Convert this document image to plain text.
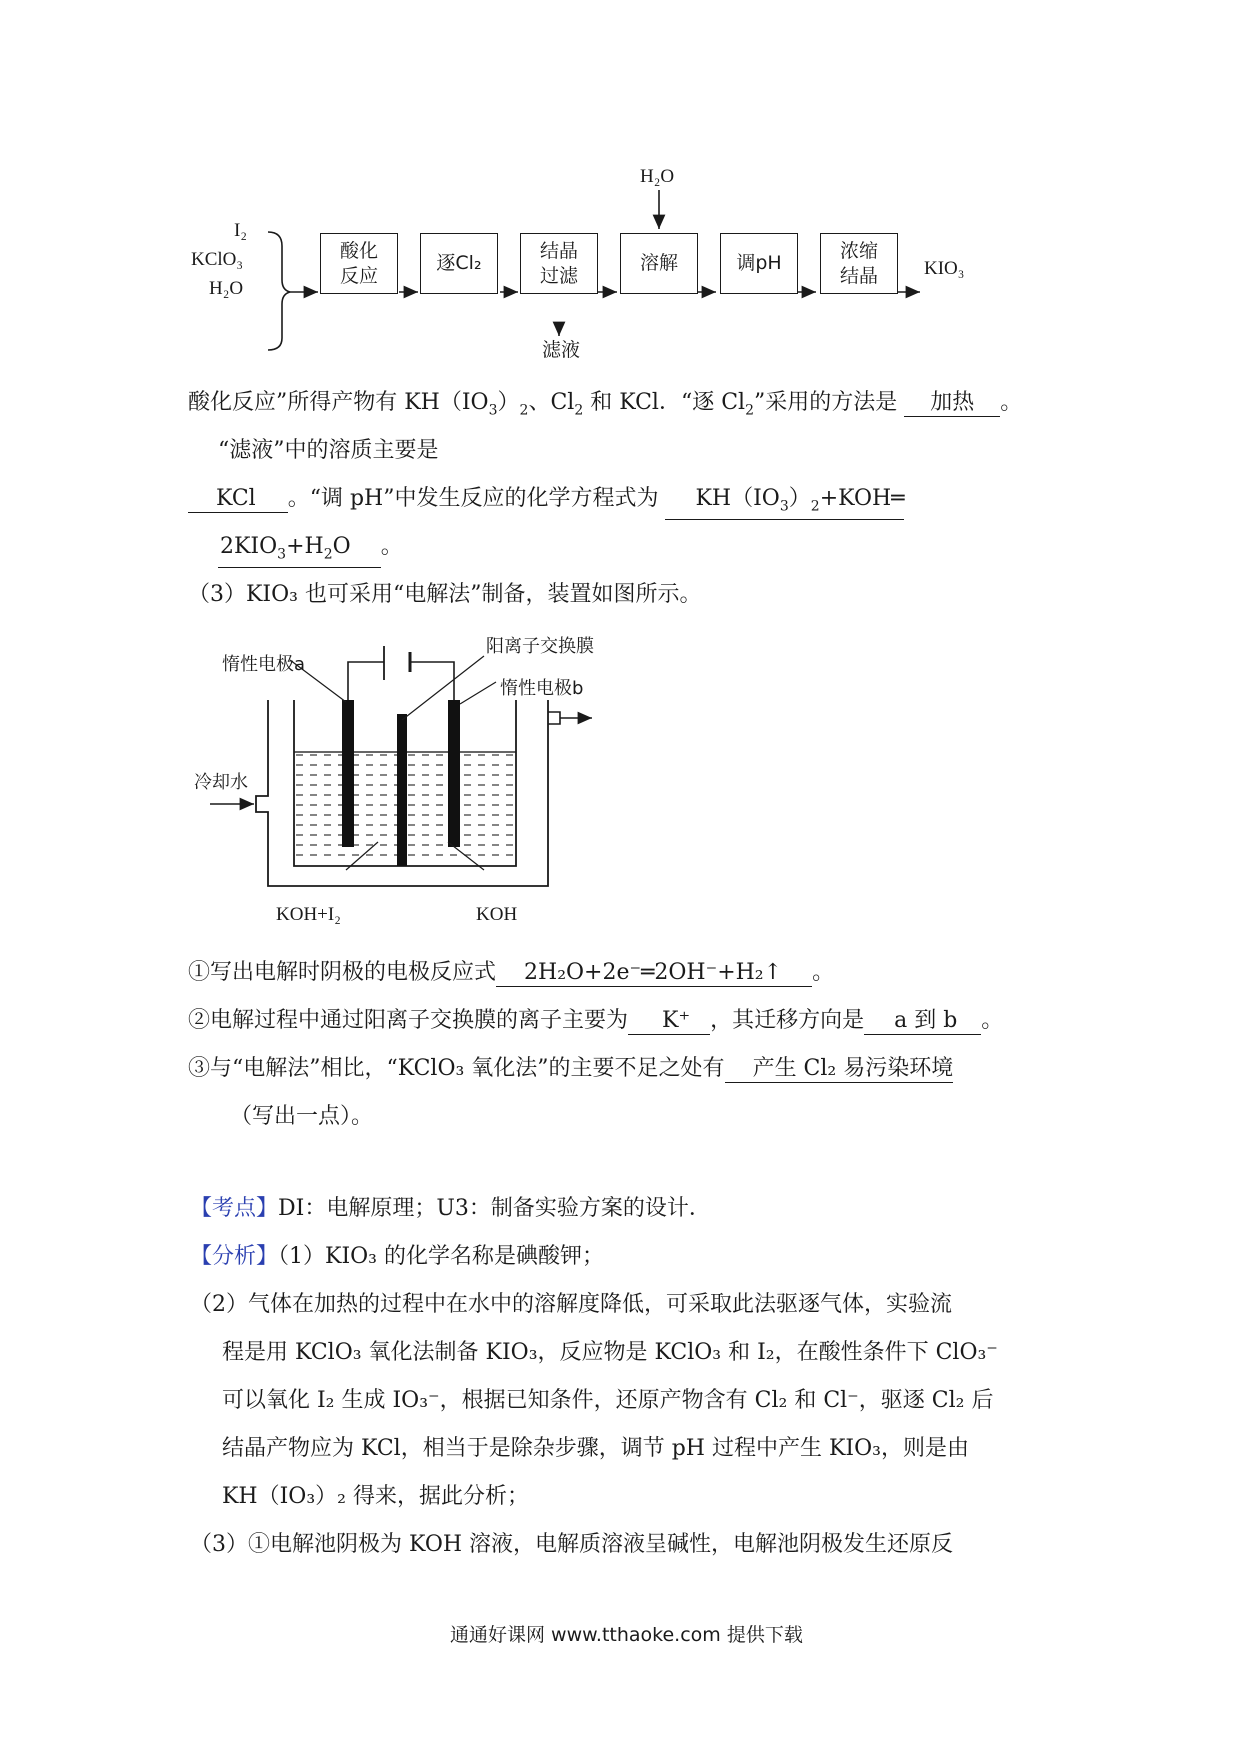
I₂
KClO₃
H₂O
酸化
反应
逐Cl₂
结晶
过滤
溶解	调pH
浓缩
结晶
H₂O
滤液
KIO₃
酸化反应”所得产物有 $KH(IO_3)_2$、$Cl_2$ 和 KCl．“逐 $Cl_2$”采用的方法是 加热 。
“滤液”中的溶质主要是
KCl 。“调 pH”中发生反应的化学方程式为 $KH(IO_3)_2+KOH═$
$2KIO_3+H_2O$ 。
（3）KIO₃ 也可采用“电解法”制备，装置如图所示。
惰性电极a
阳离子交换膜
惰性电极b
冷却水
KOH+I₂	KOH
①写出电解时阴极的电极反应式 2H₂O+2e⁻═2OH⁻+H₂↑ 。
②电解过程中通过阳离子交换膜的离子主要为 K⁺ ，其迁移方向是 a 到 b 。
③与“电解法”相比，“KClO₃ 氧化法”的主要不足之处有 产生 Cl₂ 易污染环境
（写出一点）。
【考点】DI：电解原理；U3：制备实验方案的设计．
【分析】（1）KIO₃ 的化学名称是碘酸钾；
（2）气体在加热的过程中在水中的溶解度降低，可采取此法驱逐气体，实验流
程是用 KClO₃ 氧化法制备 KIO₃，反应物是 KClO₃ 和 I₂，在酸性条件下 ClO₃⁻
可以氧化 I₂ 生成 IO₃⁻，根据已知条件，还原产物含有 Cl₂ 和 Cl⁻，驱逐 Cl₂ 后
结晶产物应为 KCl，相当于是除杂步骤，调节 pH 过程中产生 KIO₃，则是由
KH（IO₃）₂ 得来，据此分析；
（3）①电解池阴极为 KOH 溶液，电解质溶液呈碱性，电解池阴极发生还原反
通通好课网 www.tthaoke.com 提供下载
